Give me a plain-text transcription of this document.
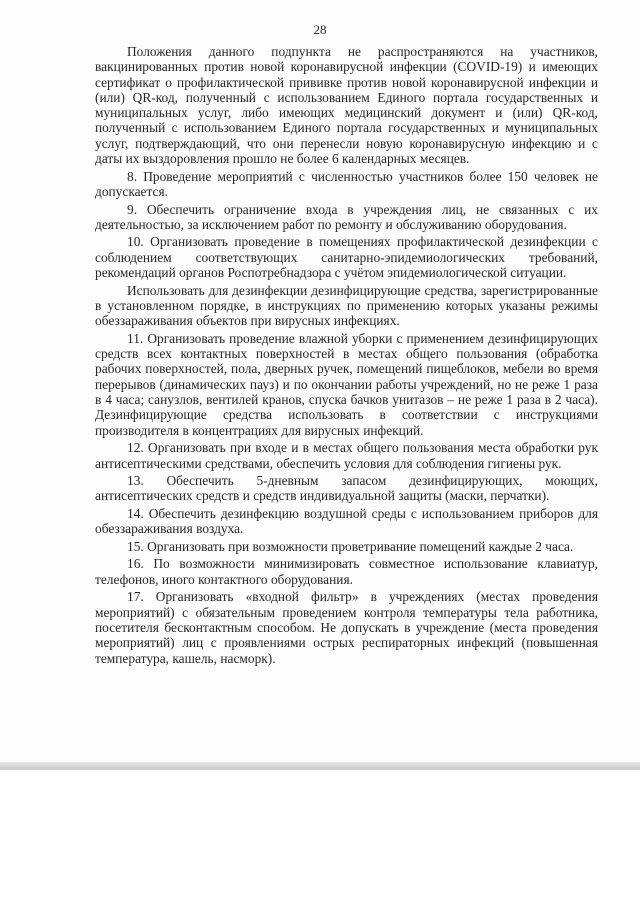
28

Положения данного подпункта не распространяются на участников, вакцинированных против новой коронавирусной инфекции (COVID-19) и имеющих сертификат о профилактической прививке против новой коронавирусной инфекции и (или) QR-код, полученный с использованием Единого портала государственных и муниципальных услуг, либо имеющих медицинский документ и (или) QR-код, полученный с использованием Единого портала государственных и муниципальных услуг, подтверждающий, что они перенесли новую коронавирусную инфекцию и с даты их выздоровления прошло не более 6 календарных месяцев.

8. Проведение мероприятий с численностью участников более 150 человек не допускается.

9. Обеспечить ограничение входа в учреждения лиц, не связанных с их деятельностью, за исключением работ по ремонту и обслуживанию оборудования.

10. Организовать проведение в помещениях профилактической дезинфекции с соблюдением соответствующих санитарно-эпидемиологических требований, рекомендаций органов Роспотребнадзора с учётом эпидемиологической ситуации.

Использовать для дезинфекции дезинфицирующие средства, зарегистрированные в установленном порядке, в инструкциях по применению которых указаны режимы обеззараживания объектов при вирусных инфекциях.

11. Организовать проведение влажной уборки с применением дезинфицирующих средств всех контактных поверхностей в местах общего пользования (обработка рабочих поверхностей, пола, дверных ручек, помещений пищеблоков, мебели во время перерывов (динамических пауз) и по окончании работы учреждений, но не реже 1 раза в 4 часа; санузлов, вентилей кранов, спуска бачков унитазов – не реже 1 раза в 2 часа). Дезинфицирующие средства использовать в соответствии с инструкциями производителя в концентрациях для вирусных инфекций.

12. Организовать при входе и в местах общего пользования места обработки рук антисептическими средствами, обеспечить условия для соблюдения гигиены рук.

13. Обеспечить 5-дневным запасом дезинфицирующих, моющих, антисептических средств и средств индивидуальной защиты (маски, перчатки).

14. Обеспечить дезинфекцию воздушной среды с использованием приборов для обеззараживания воздуха.

15. Организовать при возможности проветривание помещений каждые 2 часа.

16. По возможности минимизировать совместное использование клавиатур, телефонов, иного контактного оборудования.

17. Организовать «входной фильтр» в учреждениях (местах проведения мероприятий) с обязательным проведением контроля температуры тела работника, посетителя бесконтактным способом. Не допускать в учреждение (места проведения мероприятий) лиц с проявлениями острых респираторных инфекций (повышенная температура, кашель, насморк).
